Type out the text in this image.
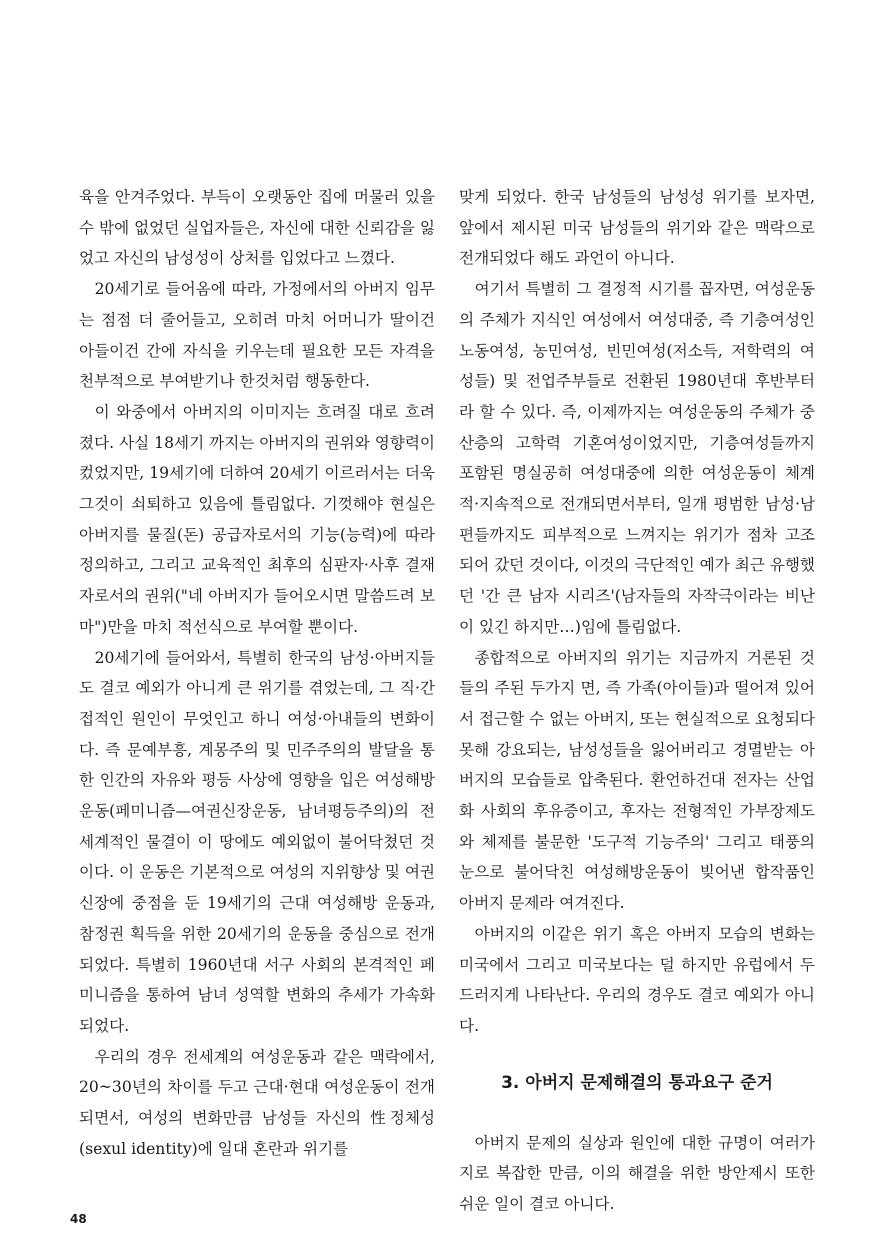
육을 안겨주었다. 부득이 오랫동안 집에 머물러 있을 수 밖에 없었던 실업자들은, 자신에 대한 신뢰감을 잃었고 자신의 남성성이 상처를 입었다고 느꼈다.

20세기로 들어옴에 따라, 가정에서의 아버지 임무는 점점 더 줄어들고, 오히려 마치 어머니가 딸이건 아들이건 간에 자식을 키우는데 필요한 모든 자격을 천부적으로 부여받기나 한것처럼 행동한다.

이 와중에서 아버지의 이미지는 흐려질 대로 흐려졌다. 사실 18세기 까지는 아버지의 권위와 영향력이 컸었지만, 19세기에 더하여 20세기 이르러서는 더욱 그것이 쇠퇴하고 있음에 틀림없다. 기껏해야 현실은 아버지를 물질(돈) 공급자로서의 기능(능력)에 따라 정의하고, 그리고 교육적인 최후의 심판자·사후 결재자로서의 권위("네 아버지가 들어오시면 말씀드려 보마")만을 마치 적선식으로 부여할 뿐이다.

20세기에 들어와서, 특별히 한국의 남성·아버지들도 결코 예외가 아니게 큰 위기를 겪었는데, 그 직·간접적인 원인이 무엇인고 하니 여성·아내들의 변화이다. 즉 문예부흥, 계몽주의 및 민주주의의 발달을 통한 인간의 자유와 평등 사상에 영향을 입은 여성해방운동(페미니즘—여권신장운동, 남녀평등주의)의 전세계적인 물결이 이 땅에도 예외없이 불어닥쳤던 것이다. 이 운동은 기본적으로 여성의 지위향상 및 여권신장에 중점을 둔 19세기의 근대 여성해방 운동과, 참정권 획득을 위한 20세기의 운동을 중심으로 전개되었다. 특별히 1960년대 서구 사회의 본격적인 페미니즘을 통하여 남녀 성역할 변화의 추세가 가속화되었다.

우리의 경우 전세계의 여성운동과 같은 맥락에서, 20~30년의 차이를 두고 근대·현대 여성운동이 전개되면서, 여성의 변화만큼 남성들 자신의 性정체성(sexul identity)에 일대 혼란과 위기를

맞게 되었다. 한국 남성들의 남성성 위기를 보자면, 앞에서 제시된 미국 남성들의 위기와 같은 맥락으로 전개되었다 해도 과언이 아니다.

여기서 특별히 그 결정적 시기를 꼽자면, 여성운동의 주체가 지식인 여성에서 여성대중, 즉 기층여성인 노동여성, 농민여성, 빈민여성(저소득, 저학력의 여성들) 및 전업주부들로 전환된 1980년대 후반부터라 할 수 있다. 즉, 이제까지는 여성운동의 주체가 중산층의 고학력 기혼여성이었지만, 기층여성들까지 포함된 명실공히 여성대중에 의한 여성운동이 체계적·지속적으로 전개되면서부터, 일개 평범한 남성·남편들까지도 피부적으로 느껴지는 위기가 점차 고조되어 갔던 것이다, 이것의 극단적인 예가 최근 유행했던 '간 큰 남자 시리즈'(남자들의 자작극이라는 비난이 있긴 하지만…)임에 틀림없다.

종합적으로 아버지의 위기는 지금까지 거론된 것들의 주된 두가지 면, 즉 가족(아이들)과 떨어져 있어서 접근할 수 없는 아버지, 또는 현실적으로 요청되다 못해 강요되는, 남성성들을 잃어버리고 경멸받는 아버지의 모습들로 압축된다. 환언하건대 전자는 산업화 사회의 후유증이고, 후자는 전형적인 가부장제도와 체제를 불문한 '도구적 기능주의' 그리고 태풍의 눈으로 불어닥친 여성해방운동이 빚어낸 합작품인 아버지 문제라 여겨진다.

아버지의 이같은 위기 혹은 아버지 모습의 변화는 미국에서 그리고 미국보다는 덜 하지만 유럽에서 두드러지게 나타난다. 우리의 경우도 결코 예외가 아니다.

3. 아버지 문제해결의 통과요구 준거

아버지 문제의 실상과 원인에 대한 규명이 여러가지로 복잡한 만큼, 이의 해결을 위한 방안제시 또한 쉬운 일이 결코 아니다.

48
